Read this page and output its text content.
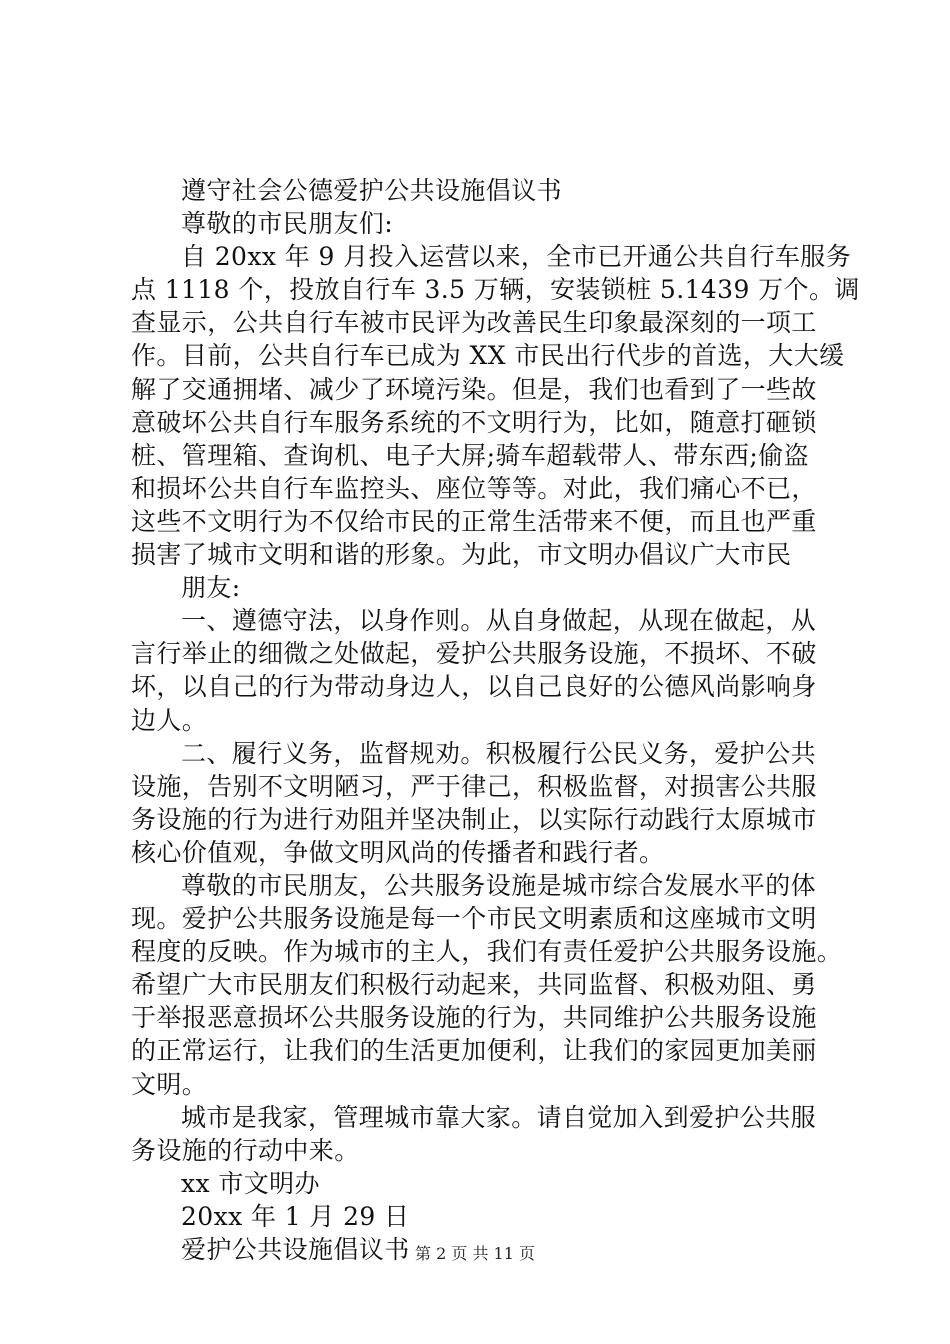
遵守社会公德爱护公共设施倡议书
尊敬的市民朋友们:
自 20xx 年 9 月投入运营以来，全市已开通公共自行车服务
点 1118 个，投放自行车 3.5 万辆，安装锁桩 5.1439 万个。调
查显示，公共自行车被市民评为改善民生印象最深刻的一项工
作。目前，公共自行车已成为 XX 市民出行代步的首选，大大缓
解了交通拥堵、减少了环境污染。但是，我们也看到了一些故
意破坏公共自行车服务系统的不文明行为，比如，随意打砸锁
桩、管理箱、查询机、电子大屏;骑车超载带人、带东西;偷盗
和损坏公共自行车监控头、座位等等。对此，我们痛心不已，
这些不文明行为不仅给市民的正常生活带来不便，而且也严重
损害了城市文明和谐的形象。为此，市文明办倡议广大市民
朋友:
一、遵德守法，以身作则。从自身做起，从现在做起，从
言行举止的细微之处做起，爱护公共服务设施，不损坏、不破
坏，以自己的行为带动身边人，以自己良好的公德风尚影响身
边人。
二、履行义务，监督规劝。积极履行公民义务，爱护公共
设施，告别不文明陋习，严于律己，积极监督，对损害公共服
务设施的行为进行劝阻并坚决制止，以实际行动践行太原城市
核心价值观，争做文明风尚的传播者和践行者。
尊敬的市民朋友，公共服务设施是城市综合发展水平的体
现。爱护公共服务设施是每一个市民文明素质和这座城市文明
程度的反映。作为城市的主人，我们有责任爱护公共服务设施。
希望广大市民朋友们积极行动起来，共同监督、积极劝阻、勇
于举报恶意损坏公共服务设施的行为，共同维护公共服务设施
的正常运行，让我们的生活更加便利，让我们的家园更加美丽
文明。
城市是我家，管理城市靠大家。请自觉加入到爱护公共服
务设施的行动中来。
xx 市文明办
20xx 年 1 月 29 日
爱护公共设施倡议书 第 2 页 共 11 页
